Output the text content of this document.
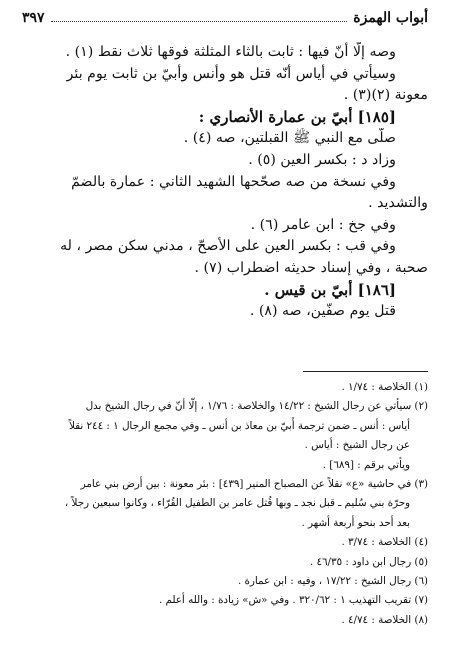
أبواب الهمزة
٣٩٧
وصه إلّا أنّ فيها : ثابت بالثاء المثلثة فوقها ثلاث نقط (١) .
وسيأتي في أياس أنّه قتل هو وأنس وأُبيّ بن ثابت يوم بئر
معونة (٢)(٣) .
[١٨٥] أُبيّ بن عمارة الأنصاري :
صلّى مع النبي ﷺ القبلتين، صه (٤) .
وزاد د : بكسر العين (٥) .
وفي نسخة من صه صحّحها الشهيد الثاني : عمارة بالضمّ
والتشديد .
وفي جخ : ابن عامر (٦) .
وفي قب : بكسر العين على الأصحّ ، مدني سكن مصر ، له
صحبة ، وفي إسناد حديثه اضطراب (٧) .
[١٨٦] أُبيّ بن قيس .
قتل يوم صفّين، صه (٨) .
(١) الخلاصة : ١/٧٤ .
(٢) سيأتي عن رجال الشيخ : ١٤/٢٢ والخلاصة : ١/٧٦ ، إلّا أنّ في رجال الشيخ بدل
أياس : أنس ـ ضمن ترجمة أُبيّ بن معاذ بن أنس ـ وفي مجمع الرجال ١ : ٢٤٤ نقلاً
عن رجال الشيخ : أياس .
ويأتي برقم : [٦٨٩] .
(٣) في حاشية «ع» نقلاً عن المصباح المنير [٤٣٩] : بئر معونة : بين أرض بني عامر
وحرّة بني سُليم ـ قبل نجد ـ وبها قُتل عامر بن الطفيل القُرّاء ، وكانوا سبعين رجلاً ،
بعد أحد بنحو أربعة أشهر .
(٤) الخلاصة : ٣/٧٤ .
(٥) رجال ابن داود : ٤٦/٣٥ .
(٦) رجال الشيخ : ١٧/٢٢ ، وفيه : ابن عمارة .
(٧) تقريب التهذيب ١ : ٣٢٠/٦٢ . وفي «ش» زيادة : والله أعلم .
(٨) الخلاصة : ٤/٧٤ .
